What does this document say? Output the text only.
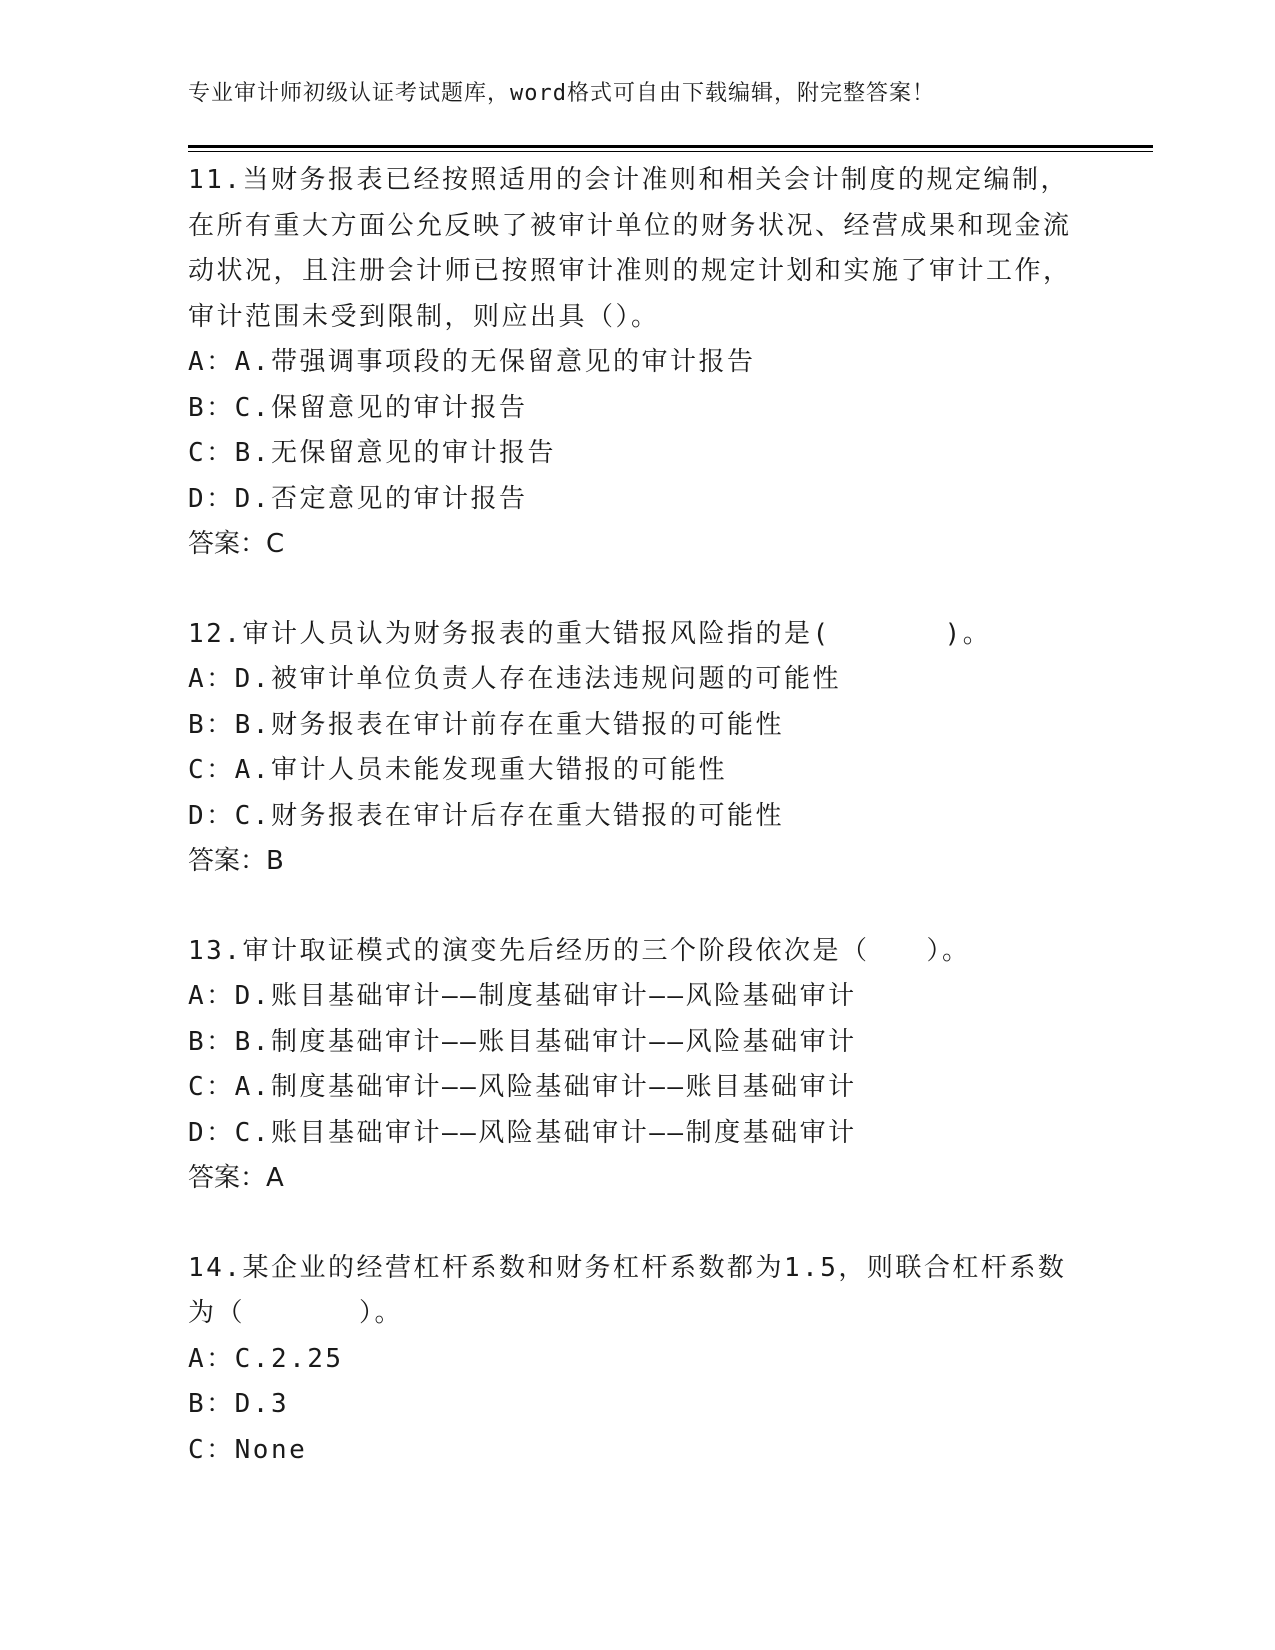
专业审计师初级认证考试题库，word格式可自由下载编辑，附完整答案！

11.当财务报表已经按照适用的会计准则和相关会计制度的规定编制，在所有重大方面公允反映了被审计单位的财务状况、经营成果和现金流动状况，且注册会计师已按照审计准则的规定计划和实施了审计工作，审计范围未受到限制，则应出具（）。

A：A.带强调事项段的无保留意见的审计报告

B：C.保留意见的审计报告

C：B.无保留意见的审计报告

D：D.否定意见的审计报告

答案：C

12.审计人员认为财务报表的重大错报风险指的是(　　　　)。

A：D.被审计单位负责人存在违法违规问题的可能性

B：B.财务报表在审计前存在重大错报的可能性

C：A.审计人员未能发现重大错报的可能性

D：C.财务报表在审计后存在重大错报的可能性

答案：B

13.审计取证模式的演变先后经历的三个阶段依次是（　　）。

A：D.账目基础审计——制度基础审计——风险基础审计

B：B.制度基础审计——账目基础审计——风险基础审计

C：A.制度基础审计——风险基础审计——账目基础审计

D：C.账目基础审计——风险基础审计——制度基础审计

答案：A

14.某企业的经营杠杆系数和财务杠杆系数都为1.5，则联合杠杆系数为（　　　　）。

A：C.2.25

B：D.3

C：None
